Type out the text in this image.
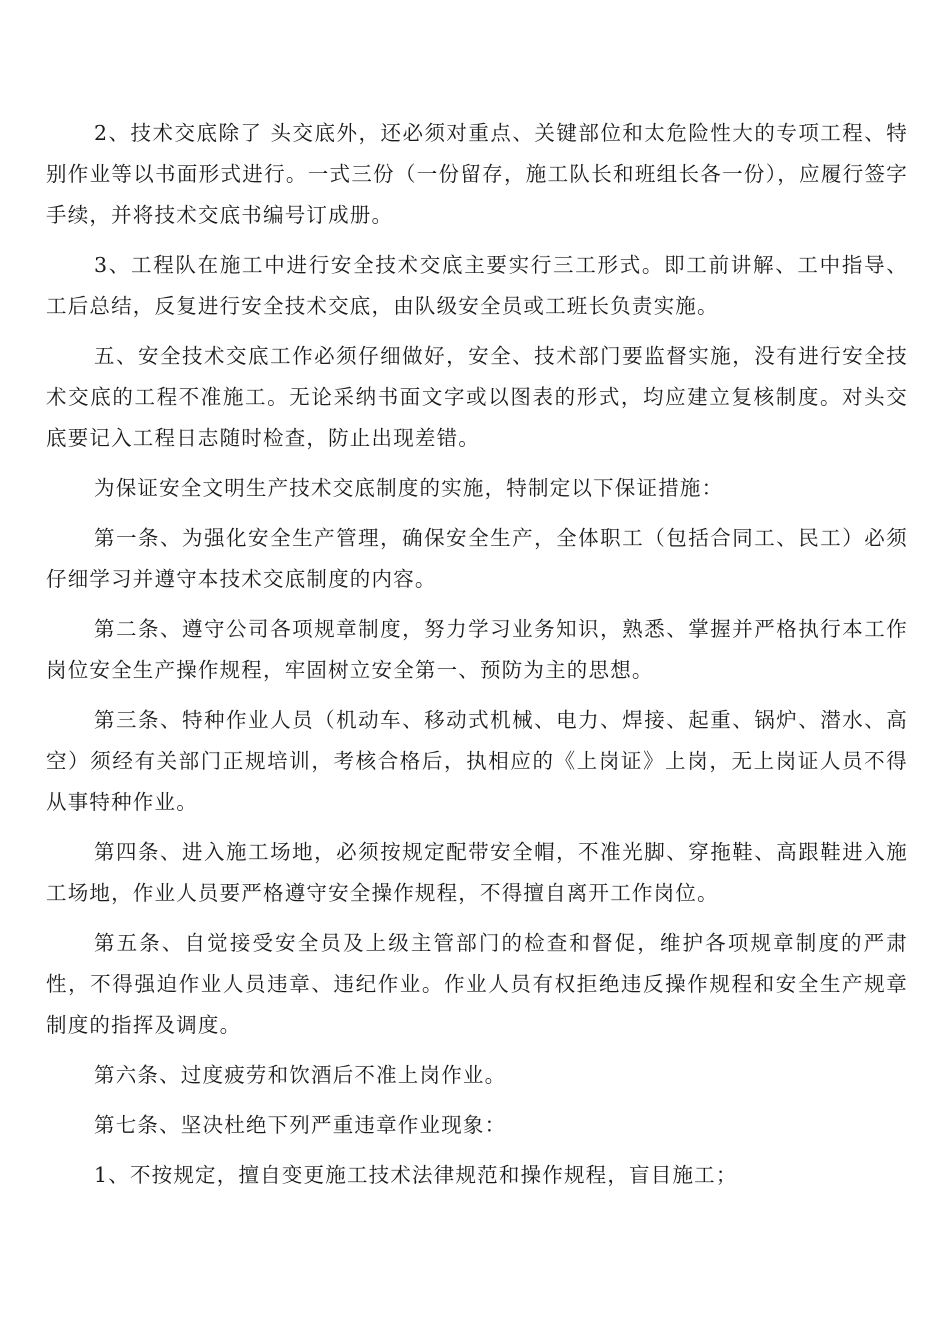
2、技术交底除了 头交底外，还必须对重点、关键部位和太危险性大的专项工程、特别作业等以书面形式进行。一式三份（一份留存，施工队长和班组长各一份），应履行签字手续，并将技术交底书编号订成册。

3、工程队在施工中进行安全技术交底主要实行三工形式。即工前讲解、工中指导、工后总结，反复进行安全技术交底，由队级安全员或工班长负责实施。

五、安全技术交底工作必须仔细做好，安全、技术部门要监督实施，没有进行安全技术交底的工程不准施工。无论采纳书面文字或以图表的形式，均应建立复核制度。对头交底要记入工程日志随时检查，防止出现差错。

为保证安全文明生产技术交底制度的实施，特制定以下保证措施：

第一条、为强化安全生产管理，确保安全生产，全体职工（包括合同工、民工）必须仔细学习并遵守本技术交底制度的内容。

第二条、遵守公司各项规章制度，努力学习业务知识，熟悉、掌握并严格执行本工作岗位安全生产操作规程，牢固树立安全第一、预防为主的思想。

第三条、特种作业人员（机动车、移动式机械、电力、焊接、起重、锅炉、潜水、高空）须经有关部门正规培训，考核合格后，执相应的《上岗证》上岗，无上岗证人员不得从事特种作业。

第四条、进入施工场地，必须按规定配带安全帽，不准光脚、穿拖鞋、高跟鞋进入施工场地，作业人员要严格遵守安全操作规程，不得擅自离开工作岗位。

第五条、自觉接受安全员及上级主管部门的检查和督促，维护各项规章制度的严肃性，不得强迫作业人员违章、违纪作业。作业人员有权拒绝违反操作规程和安全生产规章制度的指挥及调度。

第六条、过度疲劳和饮酒后不准上岗作业。

第七条、坚决杜绝下列严重违章作业现象：

1、不按规定，擅自变更施工技术法律规范和操作规程，盲目施工；
